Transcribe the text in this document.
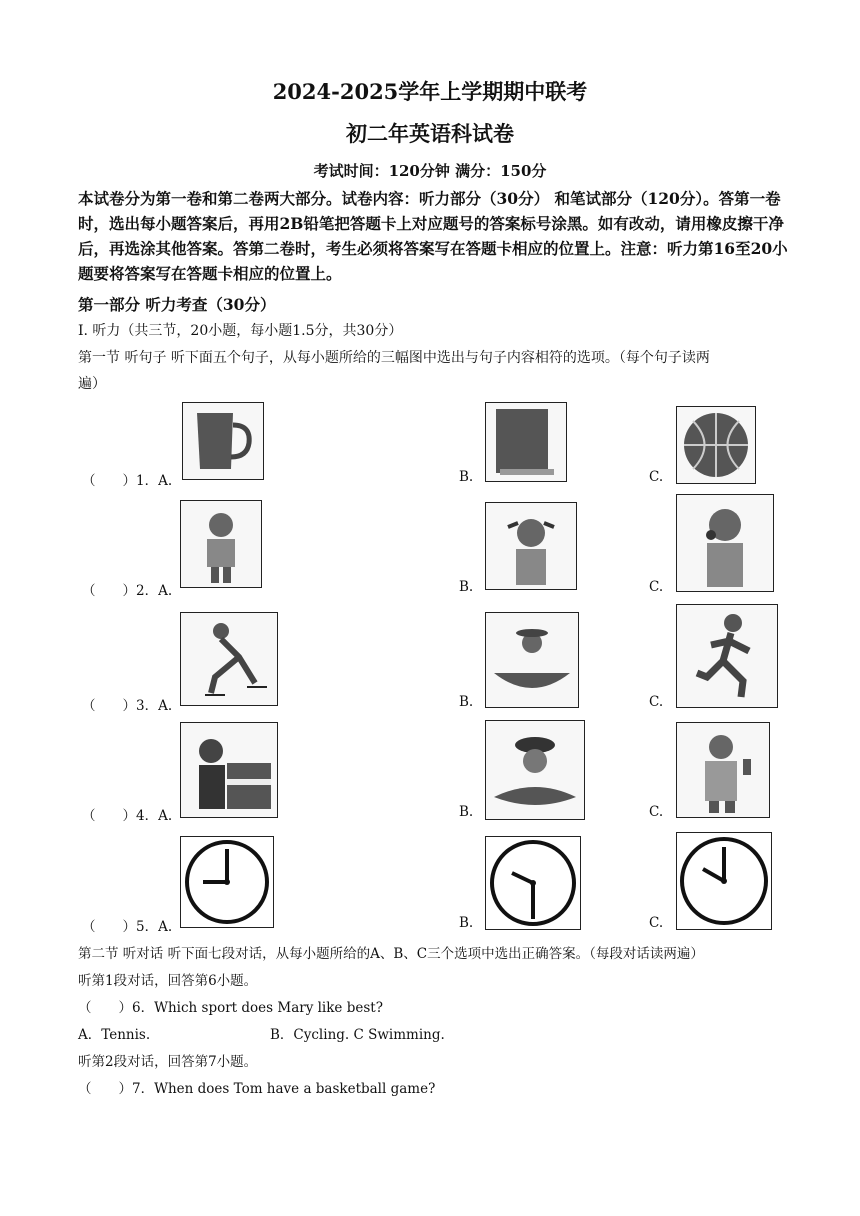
2024-2025学年上学期期中联考
初二年英语科试卷
考试时间：120分钟 满分：150分
本试卷分为第一卷和第二卷两大部分。试卷内容：听力部分（30分） 和笔试部分（120分）。答第一卷时，选出每小题答案后，再用2B铅笔把答题卡上对应题号的答案标号涂黑。如有改动，请用橡皮擦干净后，再选涂其他答案。答第二卷时，考生必须将答案写在答题卡相应的位置上。注意：听力第16至20小题要将答案写在答题卡相应的位置上。
第一部分 听力考查（30分）
I. 听力（共三节，20小题，每小题1.5分，共30分）
第一节 听句子 听下面五个句子，从每小题所给的三幅图中选出与句子内容相符的选项。（每个句子读两
遍）
（　　）1．A.	B.	C.
（　　）2．A.	B.	C.
（　　）3．A.	B.	C.
（　　）4．A.	B.	C.
（　　）5．A.	B.	C.
第二节 听对话 听下面七段对话，从每小题所给的A、B、C三个选项中选出正确答案。（每段对话读两遍）
听第1段对话，回答第6小题。
（　　）6．Which sport does Mary like best?
A．Tennis.	B．Cycling. C Swimming.
听第2段对话，回答第7小题。
（　　）7．When does Tom have a basketball game?
